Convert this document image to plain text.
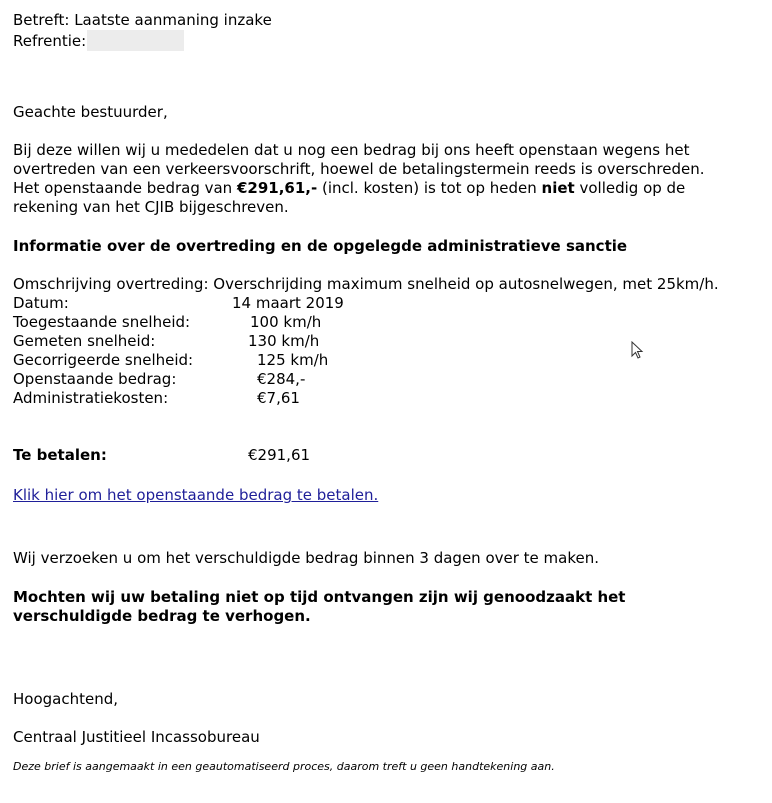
Betreft: Laatste aanmaning inzake
Refrentie:
Geachte bestuurder,
Bij deze willen wij u mededelen dat u nog een bedrag bij ons heeft openstaan wegens het
overtreden van een verkeersvoorschrift, hoewel de betalingstermein reeds is overschreden.
Het openstaande bedrag van €291,61,- (incl. kosten) is tot op heden niet volledig op de
rekening van het CJIB bijgeschreven.
Informatie over de overtreding en de opgelegde administratieve sanctie
Omschrijving overtreding: Overschrijding maximum snelheid op autosnelwegen, met 25km/h.
Datum:	14 maart 2019
Toegestaande snelheid:	100 km/h
Gemeten snelheid:	130 km/h
Gecorrigeerde snelheid:	125 km/h
Openstaande bedrag:	€284,-
Administratiekosten:	€7,61
Te betalen:	€291,61
Klik hier om het openstaande bedrag te betalen.
Wij verzoeken u om het verschuldigde bedrag binnen 3 dagen over te maken.
Mochten wij uw betaling niet op tijd ontvangen zijn wij genoodzaakt het
verschuldigde bedrag te verhogen.
Hoogachtend,
Centraal Justitieel Incassobureau
Deze brief is aangemaakt in een geautomatiseerd proces, daarom treft u geen handtekening aan.
